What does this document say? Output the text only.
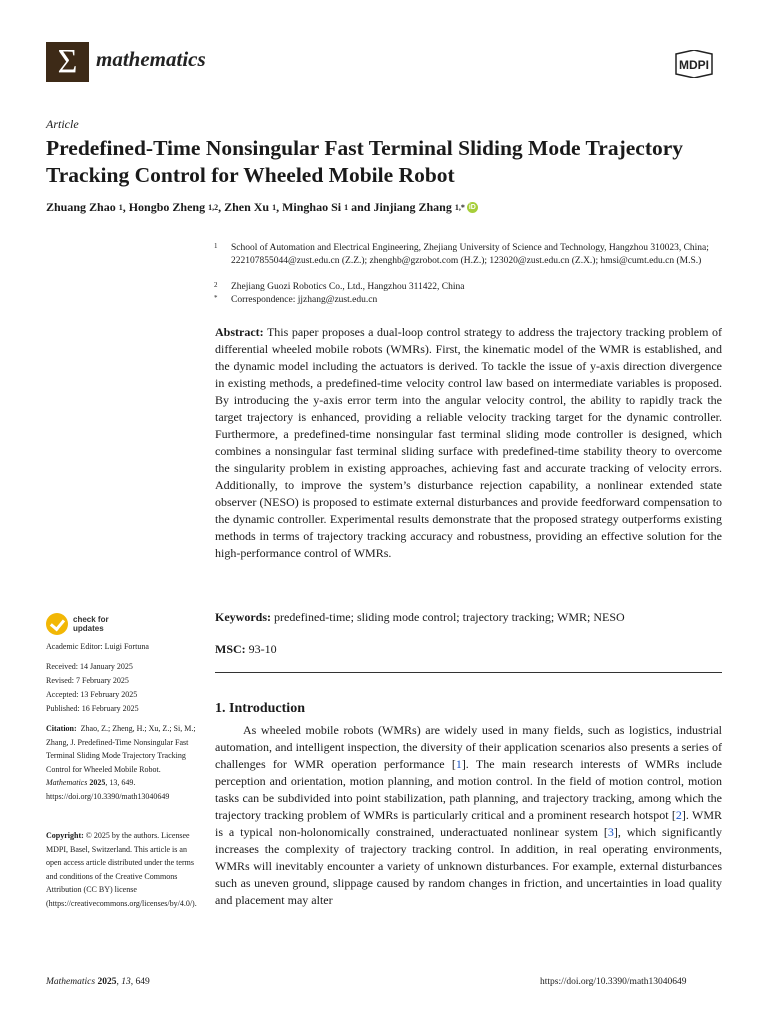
Σ mathematics	MDPI
Article
Predefined-Time Nonsingular Fast Terminal Sliding Mode Trajectory Tracking Control for Wheeled Mobile Robot
Zhuang Zhao
1 , Hongbo Zheng
1,2 , Zhen Xu
1 , Minghao Si
1 and Jinjiang Zhang
1,* iD
1 School of Automation and Electrical Engineering, Zhejiang University of Science and Technology, Hangzhou 310023, China; 222107855044@zust.edu.cn (Z.Z.); zhenghb@gzrobot.com (H.Z.); 123020@zust.edu.cn (Z.X.); hmsi@cumt.edu.cn (M.S.)
2 Zhejiang Guozi Robotics Co., Ltd., Hangzhou 311422, China
* Correspondence: jjzhang@zust.edu.cn
Abstract: This paper proposes a dual-loop control strategy to address the trajectory tracking problem of differential wheeled mobile robots (WMRs). First, the kinematic model of the WMR is established, and the dynamic model including the actuators is derived. To tackle the issue of y-axis direction divergence in existing methods, a predefined-time velocity control law based on intermediate variables is proposed. By introducing the y-axis error term into the angular velocity control, the ability to rapidly track the target trajectory is enhanced, providing a reliable velocity tracking target for the dynamic controller. Furthermore, a predefined-time nonsingular fast terminal sliding mode controller is designed, which combines a nonsingular fast terminal sliding surface with predefined-time stability theory to overcome the singularity problem in existing approaches, achieving fast and accurate tracking of velocity errors. Additionally, to improve the system’s disturbance rejection capability, a nonlinear extended state observer (NESO) is proposed to estimate external disturbances and provide feedforward compensation to the dynamic controller. Experimental results demonstrate that the proposed strategy outperforms existing methods in terms of trajectory tracking accuracy and robustness, providing an effective solution for the high-performance control of WMRs.
Keywords: predefined-time; sliding mode control; trajectory tracking; WMR; NESO
MSC: 93-10
1. Introduction
As wheeled mobile robots (WMRs) are widely used in many fields, such as logistics, industrial automation, and intelligent inspection, the diversity of their application scenarios also presents a series of challenges for WMR operation performance [1]. The main research interests of WMRs include perception and orientation, motion planning, and motion control. In the field of motion control, motion tasks can be subdivided into point stabilization, path planning, and trajectory tracking, among which the trajectory tracking problem of WMRs is particularly critical and a prominent research hotspot [2]. WMR is a typical non-holonomically constrained, underactuated nonlinear system [3], which significantly increases the complexity of trajectory tracking control. In addition, in real operating environments, WMRs will inevitably encounter a variety of unknown disturbances. For example, external disturbances such as uneven ground, slippage caused by random changes in friction, and uncertainties in load quality and placement may alter
check for
updates
Academic Editor: Luigi Fortuna
Received: 14 January 2025
Revised: 7 February 2025
Accepted: 13 February 2025
Published: 16 February 2025
Citation: Zhao, Z.; Zheng, H.; Xu, Z.; Si, M.; Zhang, J. Predefined-Time Nonsingular Fast Terminal Sliding Mode Trajectory Tracking Control for Wheeled Mobile Robot. Mathematics 2025, 13, 649. https://doi.org/10.3390/math13040649
Copyright: © 2025 by the authors. Licensee MDPI, Basel, Switzerland. This article is an open access article distributed under the terms and conditions of the Creative Commons Attribution (CC BY) license (https://creativecommons.org/licenses/by/4.0/).
Mathematics 2025, 13, 649	https://doi.org/10.3390/math13040649
